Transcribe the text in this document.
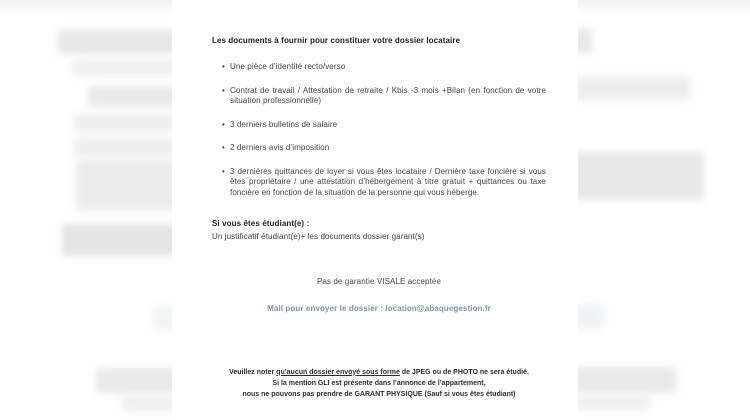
Les documents à fournir pour constituer votre dossier locataire
• Une pièce d’identité recto/verso
• Contrat de travail / Attestation de retraite / Kbis -3 mois +Bilan (en fonction de votre situation professionnelle)
• 3 derniers bulletins de salaire
• 2 derniers avis d’imposition
• 3 dernières quittances de loyer si vous êtes locataire / Dernière taxe foncière si vous êtes propriétaire / une attestation d’hébergement à titre gratuit + quittances ou taxe foncière en fonction de la situation de la personne qui vous héberge.

Si vous êtes étudiant(e) :

Un justificatif étudiant(e)+ les documents dossier garant(s)

Pas de garantie VISALE acceptée

Mail pour envoyer le dossier : location@abaquegestion.fr

Veuillez noter qu’aucun dossier envoyé sous forme de JPEG ou de PHOTO ne sera étudié.
Si la mention GLI est présente dans l’annonce de l’appartement,
nous ne pouvons pas prendre de GARANT PHYSIQUE (Sauf si vous êtes étudiant)
